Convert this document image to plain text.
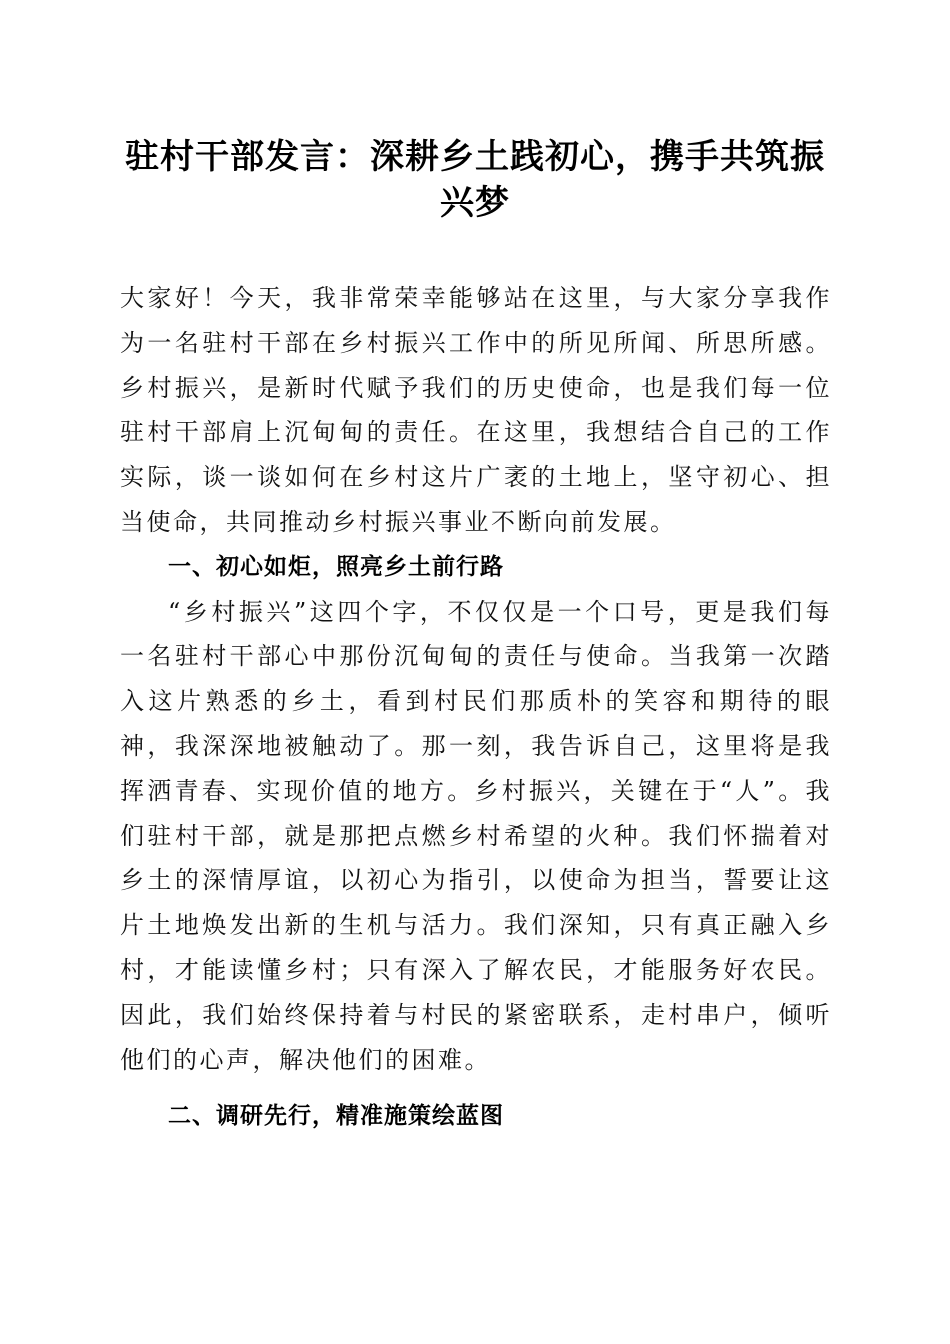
驻村干部发言：深耕乡土践初心，携手共筑振兴梦

大家好！今天，我非常荣幸能够站在这里，与大家分享我作为一名驻村干部在乡村振兴工作中的所见所闻、所思所感。乡村振兴，是新时代赋予我们的历史使命，也是我们每一位驻村干部肩上沉甸甸的责任。在这里，我想结合自己的工作实际，谈一谈如何在乡村这片广袤的土地上，坚守初心、担当使命，共同推动乡村振兴事业不断向前发展。

一、初心如炬，照亮乡土前行路

“乡村振兴”这四个字，不仅仅是一个口号，更是我们每一名驻村干部心中那份沉甸甸的责任与使命。当我第一次踏入这片熟悉的乡土，看到村民们那质朴的笑容和期待的眼神，我深深地被触动了。那一刻，我告诉自己，这里将是我挥洒青春、实现价值的地方。乡村振兴，关键在于“人”。我们驻村干部，就是那把点燃乡村希望的火种。我们怀揣着对乡土的深情厚谊，以初心为指引，以使命为担当，誓要让这片土地焕发出新的生机与活力。我们深知，只有真正融入乡村，才能读懂乡村；只有深入了解农民，才能服务好农民。因此，我们始终保持着与村民的紧密联系，走村串户，倾听他们的心声，解决他们的困难。

二、调研先行，精准施策绘蓝图
